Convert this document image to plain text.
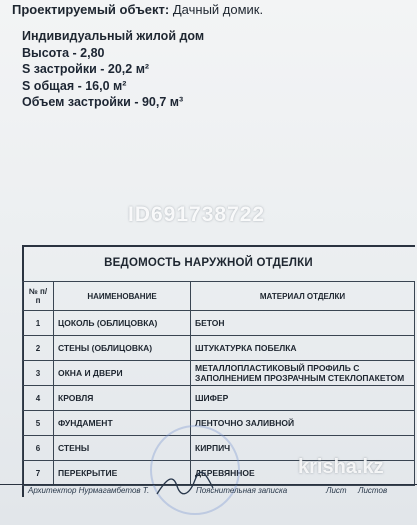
Проектируемый объект: Дачный домик.
Индивидуальный жилой дом
Высота - 2,80
S застройки - 20,2 м²
S общая - 16,0 м²
Объем застройки - 90,7 м³
ID691738722
ВЕДОМОСТЬ НАРУЖНОЙ ОТДЕЛКИ
№ п/п	НАИМЕНОВАНИЕ	МАТЕРИАЛ ОТДЕЛКИ
1	ЦОКОЛЬ (ОБЛИЦОВКА)	БЕТОН
2	СТЕНЫ (ОБЛИЦОВКА)	ШТУКАТУРКА ПОБЕЛКА
3	ОКНА И ДВЕРИ	МЕТАЛЛОПЛАСТИКОВЫЙ ПРОФИЛЬ С ЗАПОЛНЕНИЕМ ПРОЗРАЧНЫМ СТЕКЛОПАКЕТОМ
4	КРОВЛЯ	ШИФЕР
5	ФУНДАМЕНТ	ЛЕНТОЧНО ЗАЛИВНОЙ
6	СТЕНЫ	КИРПИЧ
7	ПЕРЕКРЫТИЕ	ДЕРЕВЯННОЕ krisha.kz
Архитектор Нурмагамбетов Т.	Пояснительная записка	Лист Листов
